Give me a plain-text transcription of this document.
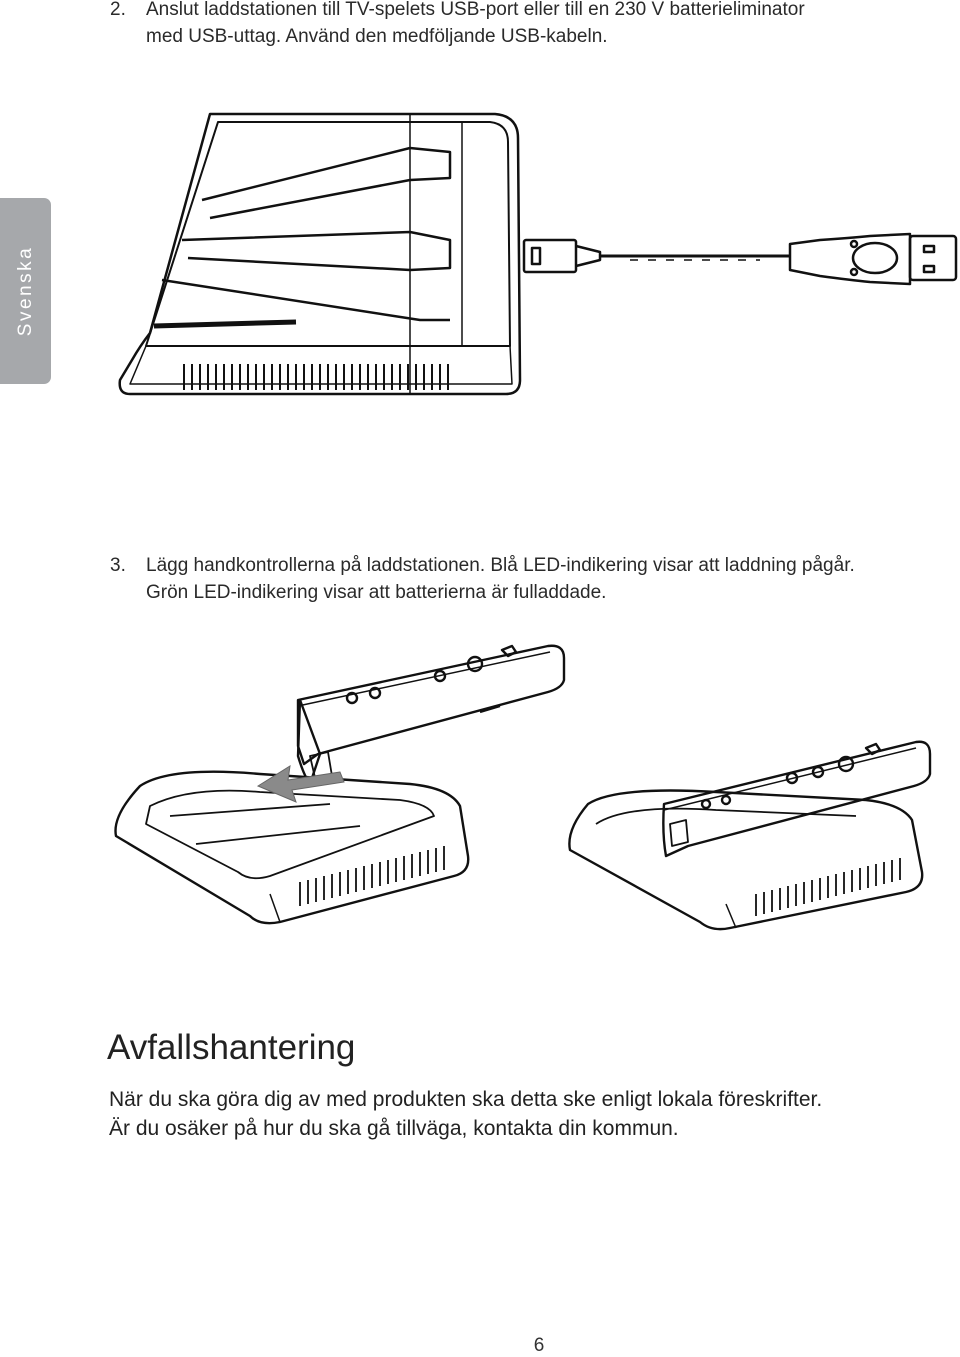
2. Anslut laddstationen till TV-spelets USB-port eller till en 230 V batterieliminator
med USB-uttag. Använd den medföljande USB-kabeln.
Svenska
3. Lägg handkontrollerna på laddstationen. Blå LED-indikering visar att laddning pågår.
Grön LED-indikering visar att batterierna är fulladdade.
Avfallshantering
När du ska göra dig av med produkten ska detta ske enligt lokala föreskrifter.
Är du osäker på hur du ska gå tillväga, kontakta din kommun.
6
